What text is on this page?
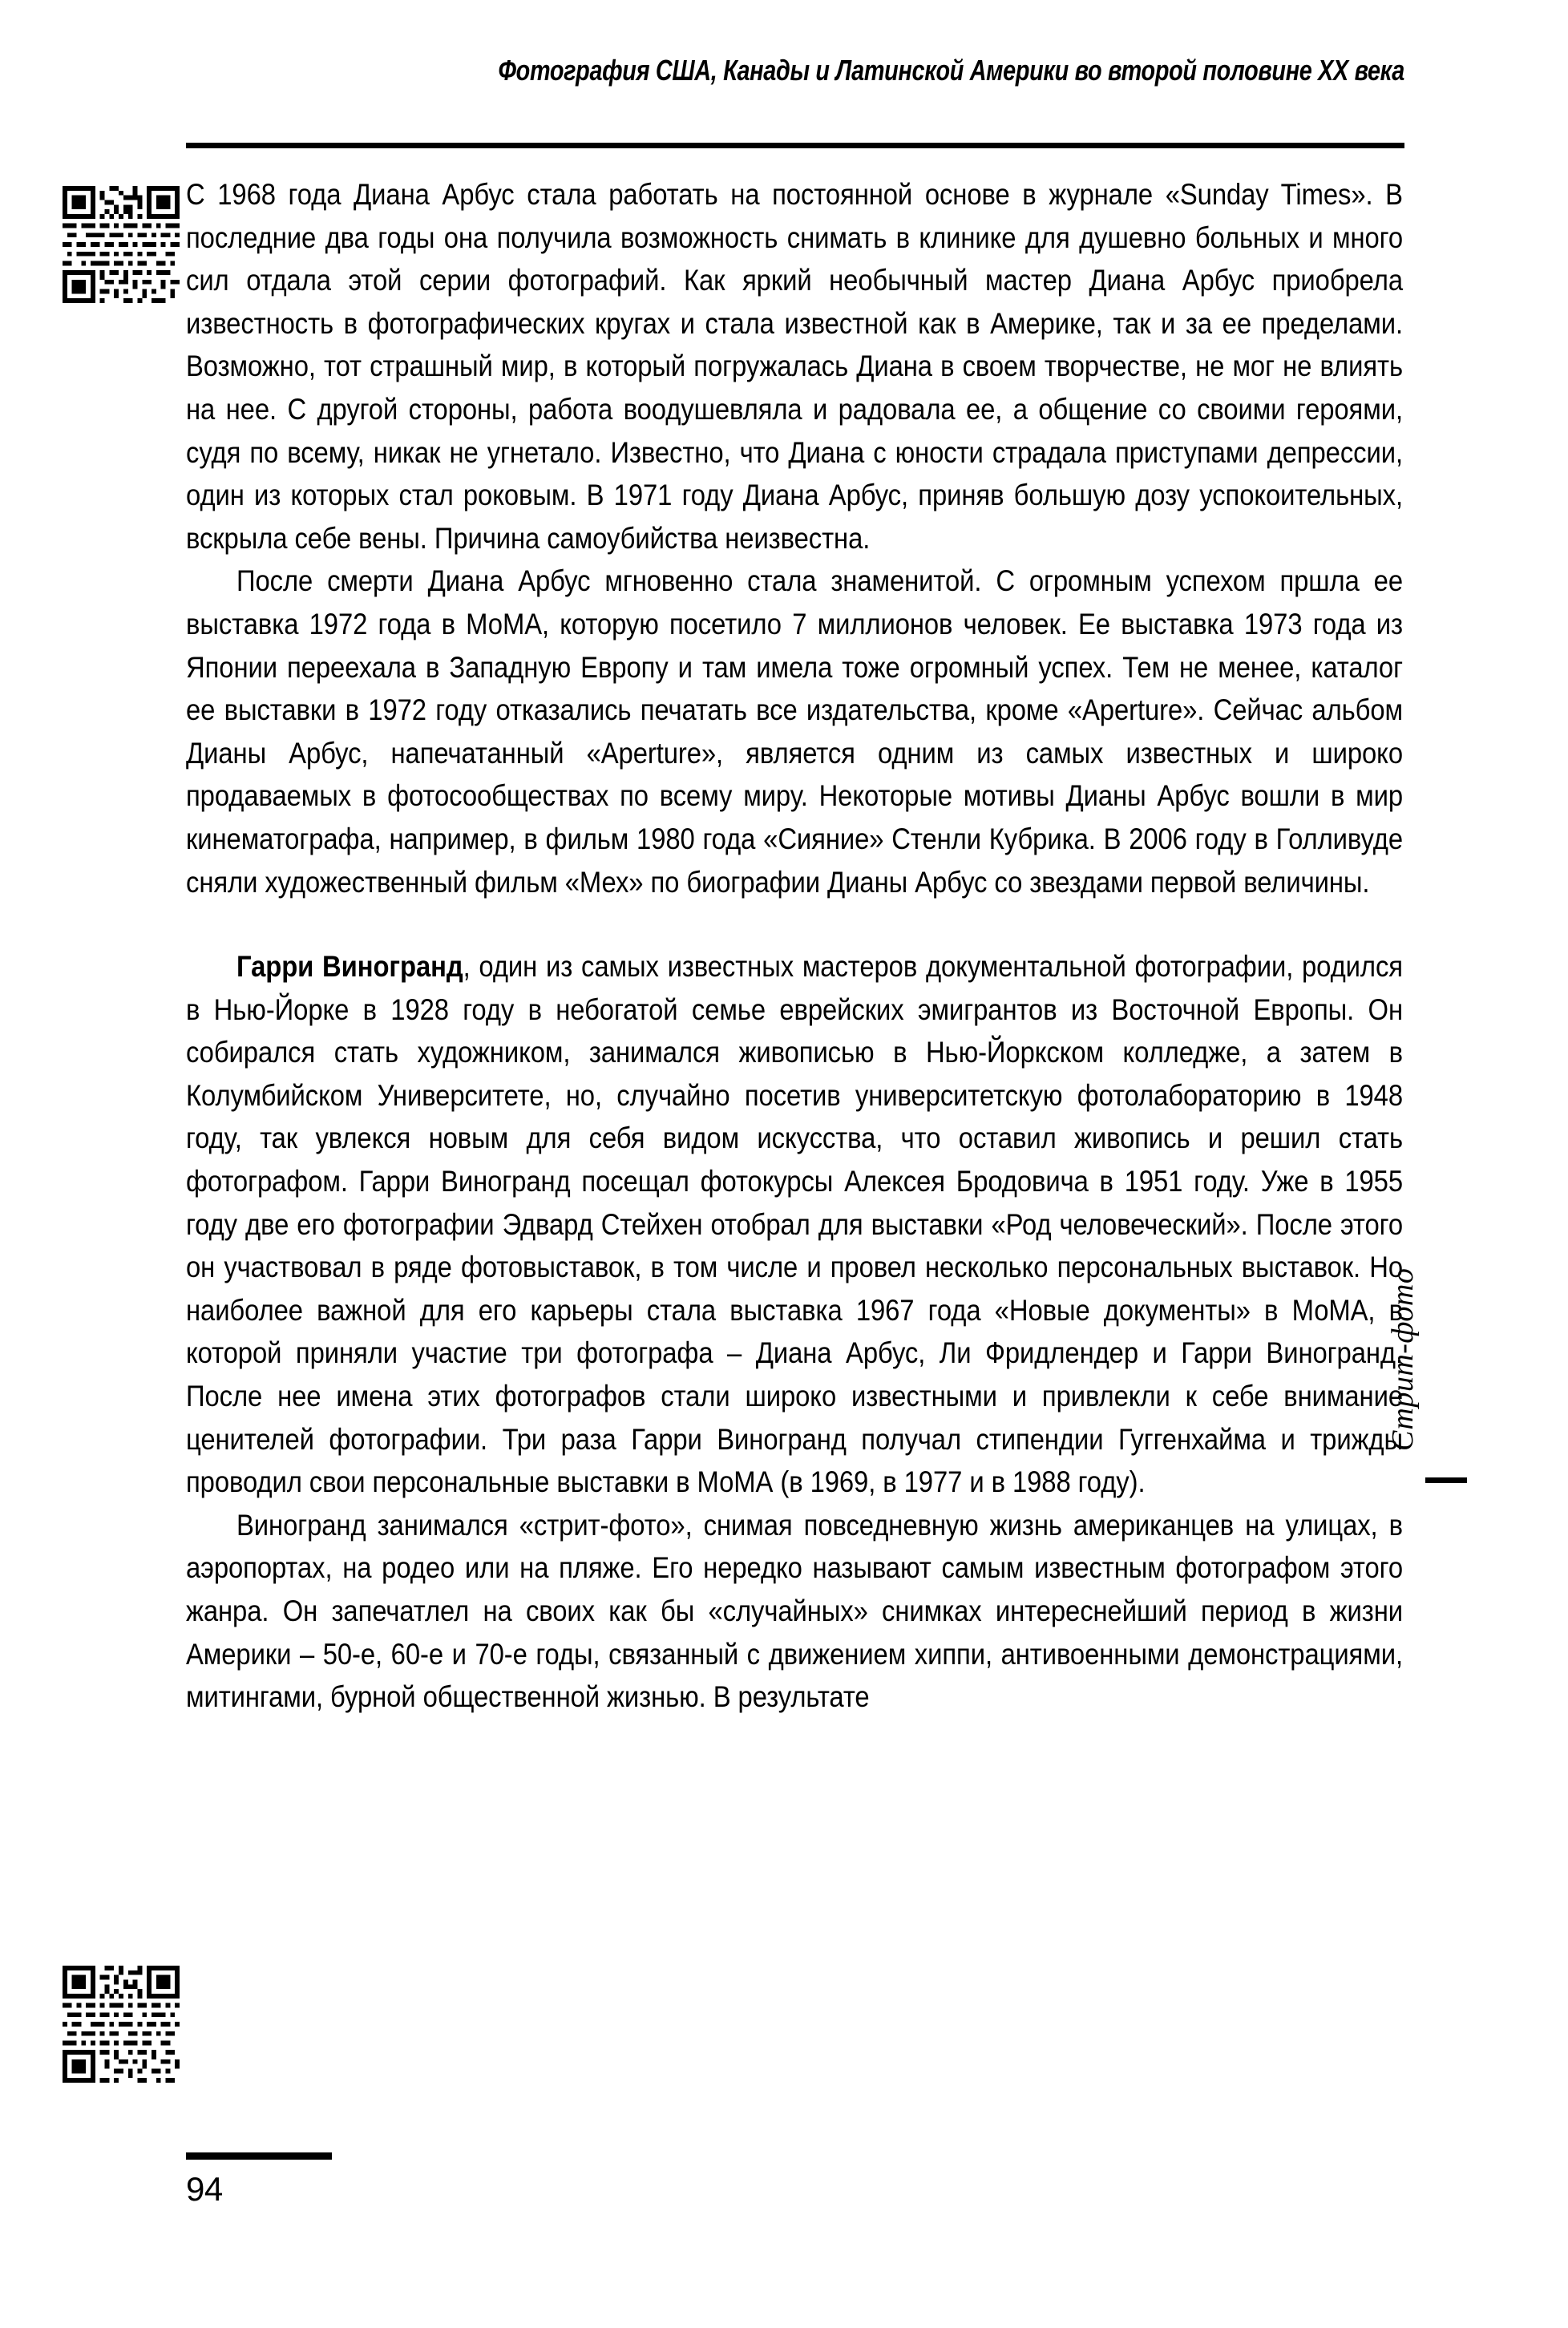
Фотография США, Канады и Латинской Америки во второй половине XX века

С 1968 года Диана Арбус стала работать на постоянной основе в журнале «Sunday Times». В последние два годы она получила возможность снимать в клинике для душевно больных и много сил отдала этой серии фотографий. Как яркий необычный мастер Диана Арбус приобрела известность в фотографических кругах и стала известной как в Америке, так и за ее пределами. Возможно, тот страшный мир, в который погружалась Диана в своем творчестве, не мог не влиять на нее. С другой стороны, работа воодушевляла и радовала ее, а общение со своими героями, судя по всему, никак не угнетало. Известно, что Диана с юности страдала приступами депрессии, один из которых стал роковым. В 1971 году Диана Арбус, приняв большую дозу успокоительных, вскрыла себе вены. Причина самоубийства неизвестна.

После смерти Диана Арбус мгновенно стала знаменитой. С огромным успехом пршла ее выставка 1972 года в МоМА, которую посетило 7 миллионов человек. Ее выставка 1973 года из Японии переехала в Западную Европу и там имела тоже огромный успех. Тем не менее, каталог ее выставки в 1972 году отказались печатать все издательства, кроме «Aperture». Сейчас альбом Дианы Арбус, напечатанный «Aperture», является одним из самых известных и широко продаваемых в фотосообществах по всему миру. Некоторые мотивы Дианы Арбус вошли в мир кинематографа, например, в фильм 1980 года «Сияние» Стенли Кубрика. В 2006 году в Голливуде сняли художественный фильм «Мех» по биографии Дианы Арбус со звездами первой величины.

Гарри Виногранд, один из самых известных мастеров документальной фотографии, родился в Нью-Йорке в 1928 году в небогатой семье еврейских эмигрантов из Восточной Европы. Он собирался стать художником, занимался живописью в Нью-Йоркском колледже, а затем в Колумбийском Университете, но, случайно посетив университетскую фотолабораторию в 1948 году, так увлекся новым для себя видом искусства, что оставил живопись и решил стать фотографом. Гарри Виногранд посещал фотокурсы Алексея Бродовича в 1951 году. Уже в 1955 году две его фотографии Эдвард Стейхен отобрал для выставки «Род человеческий». После этого он участвовал в ряде фотовыставок, в том числе и провел несколько персональных выставок. Но наиболее важной для его карьеры стала выставка 1967 года «Новые документы» в МоМА, в которой приняли участие три фотографа – Диана Арбус, Ли Фридлендер и Гарри Виногранд. После нее имена этих фотографов стали широко известными и привлекли к себе внимание ценителей фотографии. Три раза Гарри Виногранд получал стипендии Гуггенхайма и трижды проводил свои персональные выставки в МоМА (в 1969, в 1977 и в 1988 году).

Виногранд занимался «стрит-фото», снимая повседневную жизнь американцев на улицах, в аэропортах, на родео или на пляже. Его нередко называют самым известным фотографом этого жанра. Он запечатлел на своих как бы «случайных» снимках интереснейший период в жизни Америки – 50-е, 60-е и 70-е годы, связанный с движением хиппи, антивоенными демонстрациями, митингами, бурной общественной жизнью. В результате

Стрит-фото
94
